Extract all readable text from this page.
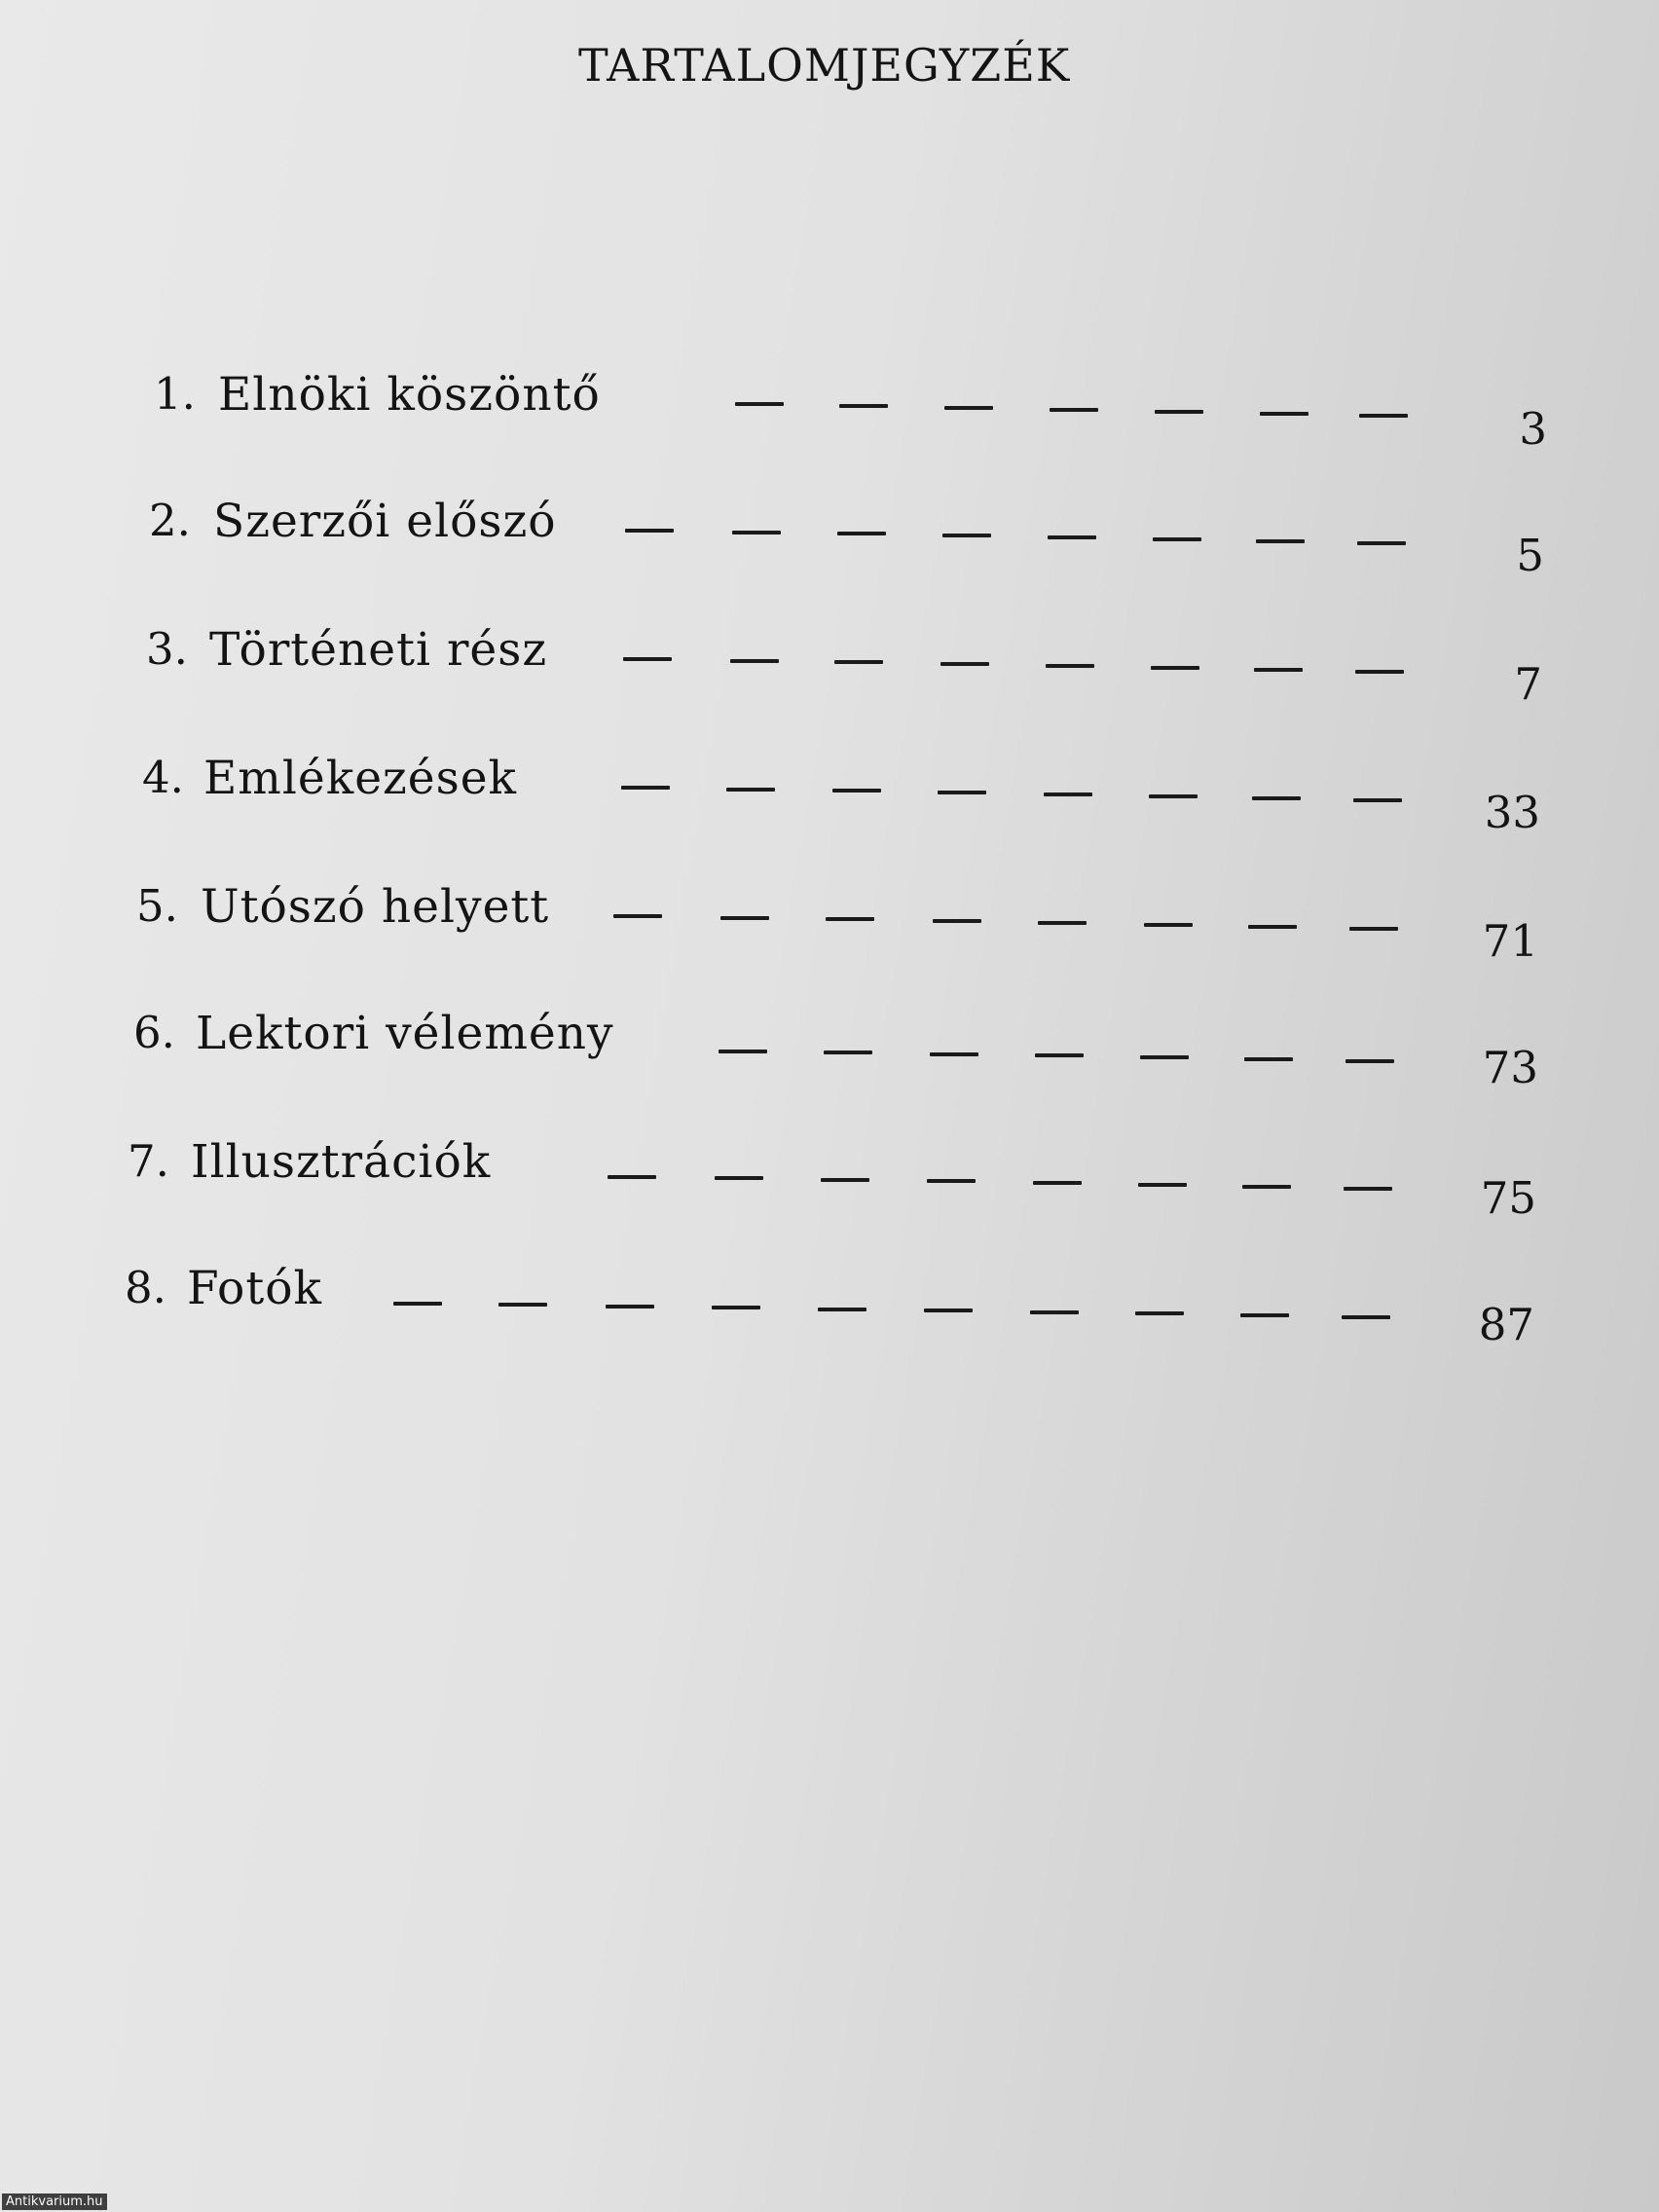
TARTALOMJEGYZÉK
1. Elnöki köszöntő
3
2. Szerzői előszó
5
3. Történeti rész
7
4. Emlékezések
33
5. Utószó helyett
71
6. Lektori vélemény
73
7. Illusztrációk
75
8. Fotók
87
Antikvarium.hu
